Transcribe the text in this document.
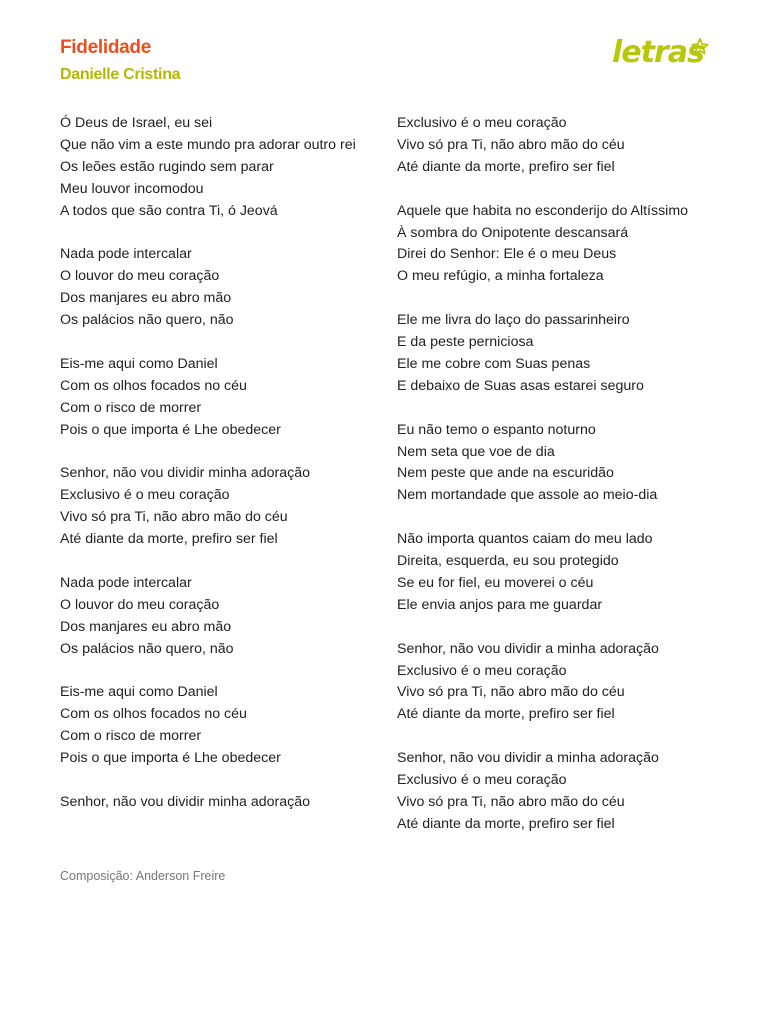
Fidelidade
Danielle Cristina
letras
Ó Deus de Israel, eu sei
Que não vim a este mundo pra adorar outro rei
Os leões estão rugindo sem parar
Meu louvor incomodou
A todos que são contra Ti, ó Jeová
Nada pode intercalar
O louvor do meu coração
Dos manjares eu abro mão
Os palácios não quero, não
Eis-me aqui como Daniel
Com os olhos focados no céu
Com o risco de morrer
Pois o que importa é Lhe obedecer
Senhor, não vou dividir minha adoração
Exclusivo é o meu coração
Vivo só pra Ti, não abro mão do céu
Até diante da morte, prefiro ser fiel
Nada pode intercalar
O louvor do meu coração
Dos manjares eu abro mão
Os palácios não quero, não
Eis-me aqui como Daniel
Com os olhos focados no céu
Com o risco de morrer
Pois o que importa é Lhe obedecer
Senhor, não vou dividir minha adoração
Exclusivo é o meu coração
Vivo só pra Ti, não abro mão do céu
Até diante da morte, prefiro ser fiel
Aquele que habita no esconderijo do Altíssimo
À sombra do Onipotente descansará
Direi do Senhor: Ele é o meu Deus
O meu refúgio, a minha fortaleza
Ele me livra do laço do passarinheiro
E da peste perniciosa
Ele me cobre com Suas penas
E debaixo de Suas asas estarei seguro
Eu não temo o espanto noturno
Nem seta que voe de dia
Nem peste que ande na escuridão
Nem mortandade que assole ao meio-dia
Não importa quantos caiam do meu lado
Direita, esquerda, eu sou protegido
Se eu for fiel, eu moverei o céu
Ele envia anjos para me guardar
Senhor, não vou dividir a minha adoração
Exclusivo é o meu coração
Vivo só pra Ti, não abro mão do céu
Até diante da morte, prefiro ser fiel
Senhor, não vou dividir a minha adoração
Exclusivo é o meu coração
Vivo só pra Ti, não abro mão do céu
Até diante da morte, prefiro ser fiel
Composição: Anderson Freire
